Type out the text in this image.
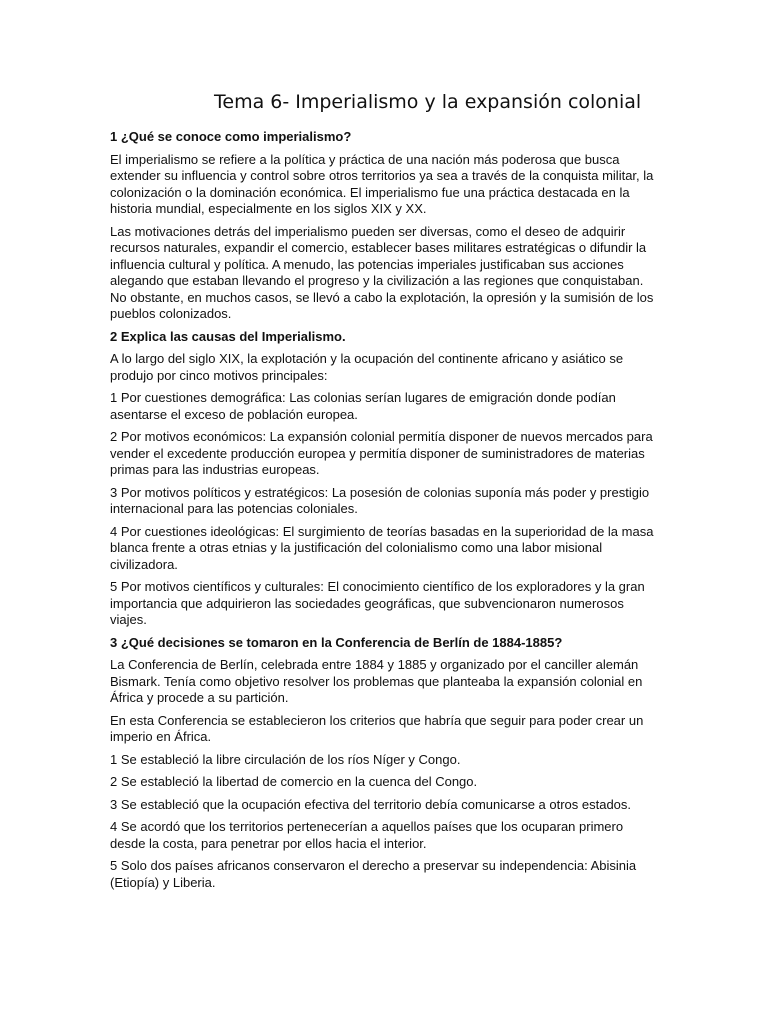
Tema 6- Imperialismo y la expansión colonial

1 ¿Qué se conoce como imperialismo?

El imperialismo se refiere a la política y práctica de una nación más poderosa que busca extender su influencia y control sobre otros territorios ya sea a través de la conquista militar, la colonización o la dominación económica. El imperialismo fue una práctica destacada en la historia mundial, especialmente en los siglos XIX y XX.

Las motivaciones detrás del imperialismo pueden ser diversas, como el deseo de adquirir recursos naturales, expandir el comercio, establecer bases militares estratégicas o difundir la influencia cultural y política. A menudo, las potencias imperiales justificaban sus acciones alegando que estaban llevando el progreso y la civilización a las regiones que conquistaban. No obstante, en muchos casos, se llevó a cabo la explotación, la opresión y la sumisión de los pueblos colonizados.

2 Explica las causas del Imperialismo.

A lo largo del siglo XIX, la explotación y la ocupación del continente africano y asiático se produjo por cinco motivos principales:

1 Por cuestiones demográfica: Las colonias serían lugares de emigración donde podían asentarse el exceso de población europea.

2 Por motivos económicos: La expansión colonial permitía disponer de nuevos mercados para vender el excedente producción europea y permitía disponer de suministradores de materias primas para las industrias europeas.

3 Por motivos políticos y estratégicos: La posesión de colonias suponía más poder y prestigio internacional para las potencias coloniales.

4 Por cuestiones ideológicas: El surgimiento de teorías basadas en la superioridad de la masa blanca frente a otras etnias y la justificación del colonialismo como una labor misional civilizadora.

5 Por motivos científicos y culturales: El conocimiento científico de los exploradores y la gran importancia que adquirieron las sociedades geográficas, que subvencionaron numerosos viajes.

3 ¿Qué decisiones se tomaron en la Conferencia de Berlín de 1884-1885?

La Conferencia de Berlín, celebrada entre 1884 y 1885 y organizado por el canciller alemán Bismark. Tenía como objetivo resolver los problemas que planteaba la expansión colonial en África y procede a su partición.

En esta Conferencia se establecieron los criterios que habría que seguir para poder crear un imperio en África.

1 Se estableció la libre circulación de los ríos Níger y Congo.

2 Se estableció la libertad de comercio en la cuenca del Congo.

3 Se estableció que la ocupación efectiva del territorio debía comunicarse a otros estados.

4 Se acordó que los territorios pertenecerían a aquellos países que los ocuparan primero desde la costa, para penetrar por ellos hacia el interior.

5 Solo dos países africanos conservaron el derecho a preservar su independencia: Abisinia (Etiopía) y Liberia.
